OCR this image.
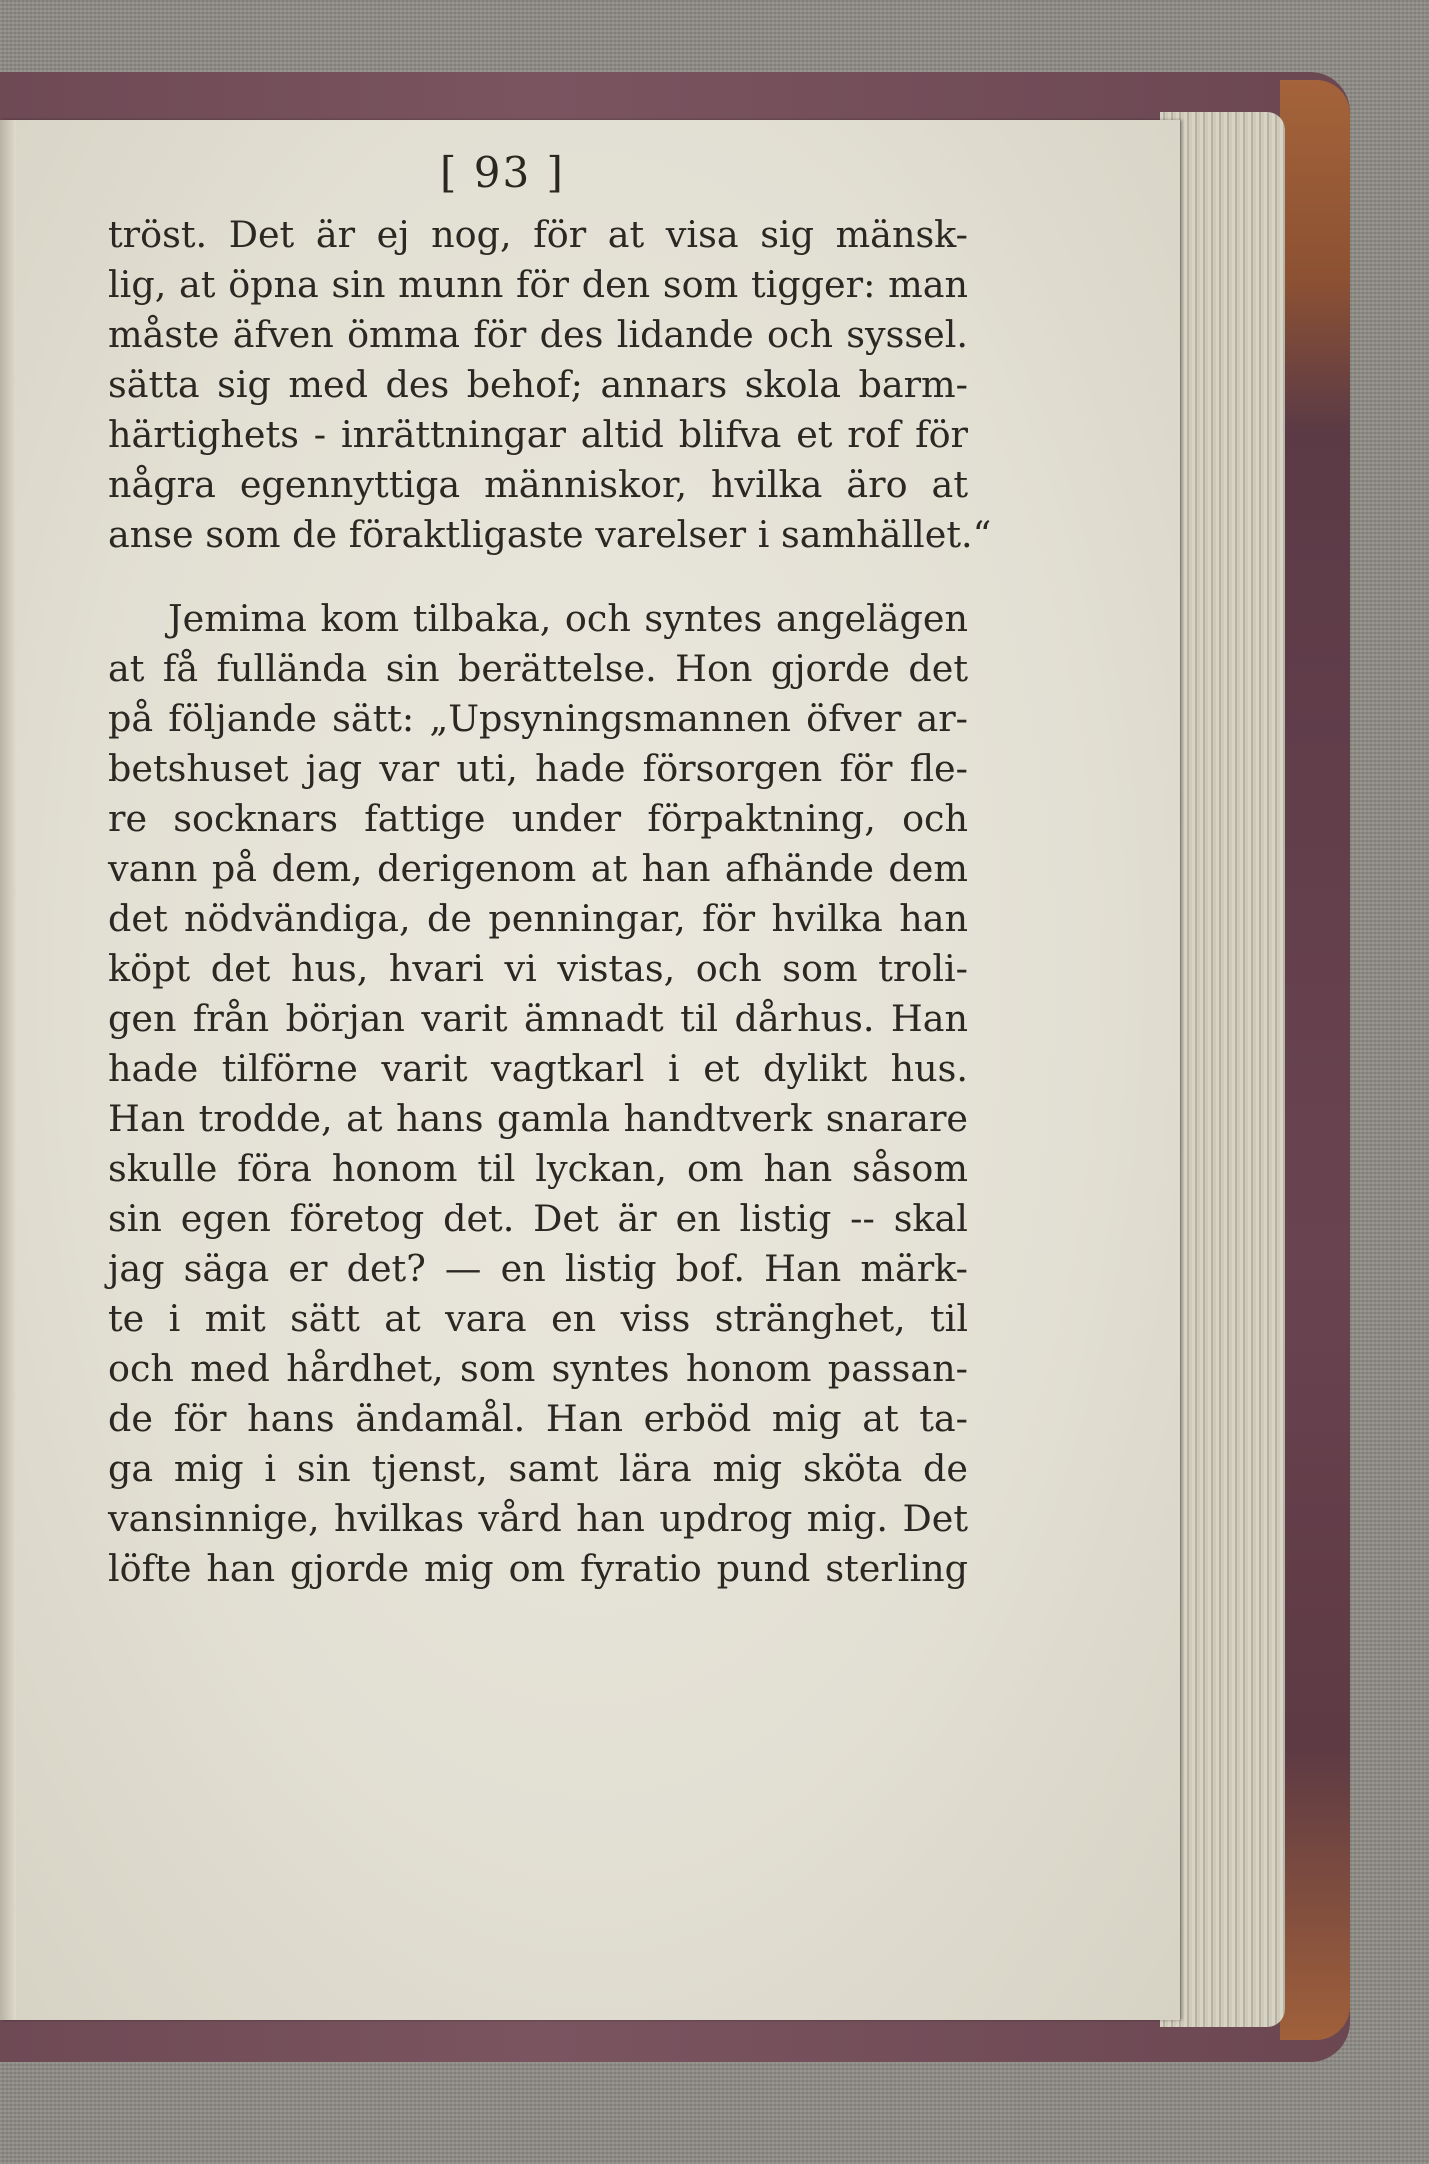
[ 93 ]
tröst. Det är ej nog, för at visa sig mänsk-
lig, at öpna sin munn för den som tigger: man
måste äfven ömma för des lidande och syssel.
sätta sig med des behof; annars skola barm-
härtighets - inrättningar altid blifva et rof för
några egennyttiga människor, hvilka äro at
anse som de föraktligaste varelser i samhället.“
Jemima kom tilbaka, och syntes angelägen
at få fullända sin berättelse. Hon gjorde det
på följande sätt: „Upsyningsmannen öfver ar-
betshuset jag var uti, hade försorgen för fle-
re socknars fattige under förpaktning, och
vann på dem, derigenom at han afhände dem
det nödvändiga, de penningar, för hvilka han
köpt det hus, hvari vi vistas, och som troli-
gen från början varit ämnadt til dårhus. Han
hade tilförne varit vagtkarl i et dylikt hus.
Han trodde, at hans gamla handtverk snarare
skulle föra honom til lyckan, om han såsom
sin egen företog det. Det är en listig -- skal
jag säga er det? — en listig bof. Han märk-
te i mit sätt at vara en viss stränghet, til
och med hårdhet, som syntes honom passan-
de för hans ändamål. Han erböd mig at ta-
ga mig i sin tjenst, samt lära mig sköta de
vansinnige, hvilkas vård han updrog mig. Det
löfte han gjorde mig om fyratio pund sterling
